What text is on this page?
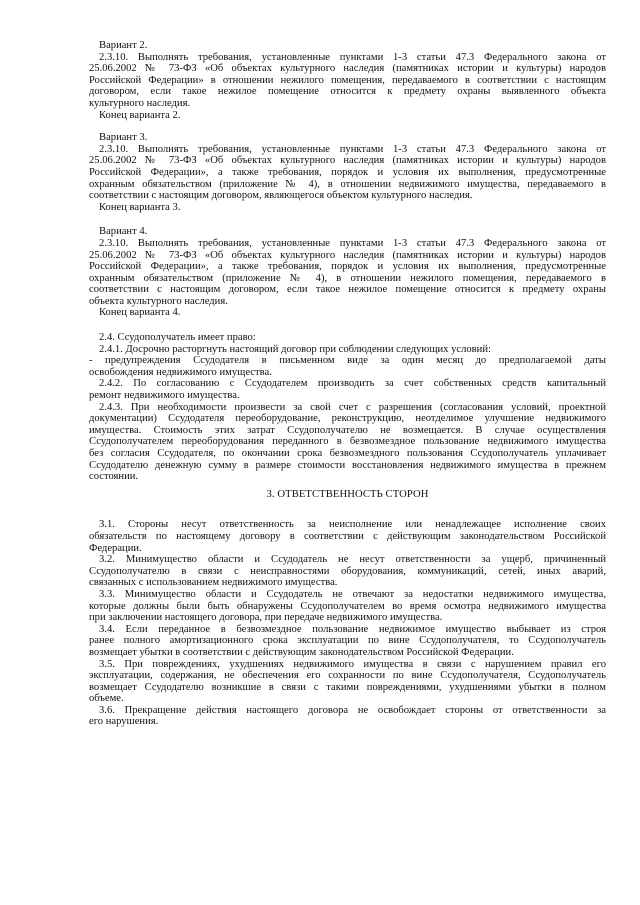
Вариант 2.
2.3.10. Выполнять требования, установленные пунктами 1-3 статьи 47.3 Федерального закона от
25.06.2002 № 73-ФЗ «Об объектах культурного наследия (памятниках истории и культуры) народов
Российской Федерации» в отношении нежилого помещения, передаваемого в соответствии с настоящим
договором, если такое нежилое помещение относится к предмету охраны выявленного объекта
культурного наследия.
Конец варианта 2.
Вариант 3.
2.3.10. Выполнять требования, установленные пунктами 1-3 статьи 47.3 Федерального закона от
25.06.2002 № 73-ФЗ «Об объектах культурного наследия (памятниках истории и культуры) народов
Российской Федерации», а также требования, порядок и условия их выполнения, предусмотренные
охранным обязательством (приложение № 4), в отношении недвижимого имущества, передаваемого в
соответствии с настоящим договором, являющегося объектом культурного наследия.
Конец варианта 3.
Вариант 4.
2.3.10. Выполнять требования, установленные пунктами 1-3 статьи 47.3 Федерального закона от
25.06.2002 № 73-ФЗ «Об объектах культурного наследия (памятниках истории и культуры) народов
Российской Федерации», а также требования, порядок и условия их выполнения, предусмотренные
охранным обязательством (приложение № 4), в отношении нежилого помещения, передаваемого в
соответствии с настоящим договором, если такое нежилое помещение относится к предмету охраны
объекта культурного наследия.
Конец варианта 4.
2.4. Ссудополучатель имеет право:
2.4.1. Досрочно расторгнуть настоящий договор при соблюдении следующих условий:
- предупреждения Ссудодателя в письменном виде за один месяц до предполагаемой даты
освобождения недвижимого имущества.
2.4.2. По согласованию с Ссудодателем производить за счет собственных средств капитальный
ремонт недвижимого имущества.
2.4.3. При необходимости произвести за свой счет с разрешения (согласования условий, проектной
документации) Ссудодателя переоборудование, реконструкцию, неотделимое улучшение недвижимого
имущества. Стоимость этих затрат Ссудополучателю не возмещается. В случае осуществления
Ссудополучателем переоборудования переданного в безвозмездное пользование недвижимого имущества
без согласия Ссудодателя, по окончании срока безвозмездного пользования Ссудополучатель уплачивает
Ссудодателю денежную сумму в размере стоимости восстановления недвижимого имущества в прежнем
состоянии.
3. ОТВЕТСТВЕННОСТЬ СТОРОН
3.1. Стороны несут ответственность за неисполнение или ненадлежащее исполнение своих
обязательств по настоящему договору в соответствии с действующим законодательством Российской
Федерации.
3.2. Минимущество области и Ссудодатель не несут ответственности за ущерб, причиненный
Ссудополучателю в связи с неисправностями оборудования, коммуникаций, сетей, иных аварий,
связанных с использованием недвижимого имущества.
3.3. Минимущество области и Ссудодатель не отвечают за недостатки недвижимого имущества,
которые должны были быть обнаружены Ссудополучателем во время осмотра недвижимого имущества
при заключении настоящего договора, при передаче недвижимого имущества.
3.4. Если переданное в безвозмездное пользование недвижимое имущество выбывает из строя
ранее полного амортизационного срока эксплуатации по вине Ссудополучателя, то Ссудополучатель
возмещает убытки в соответствии с действующим законодательством Российской Федерации.
3.5. При повреждениях, ухудшениях недвижимого имущества в связи с нарушением правил его
эксплуатации, содержания, не обеспечения его сохранности по вине Ссудополучателя, Ссудополучатель
возмещает Ссудодателю возникшие в связи с такими повреждениями, ухудшениями убытки в полном
объеме.
3.6. Прекращение действия настоящего договора не освобождает стороны от ответственности за
его нарушения.
